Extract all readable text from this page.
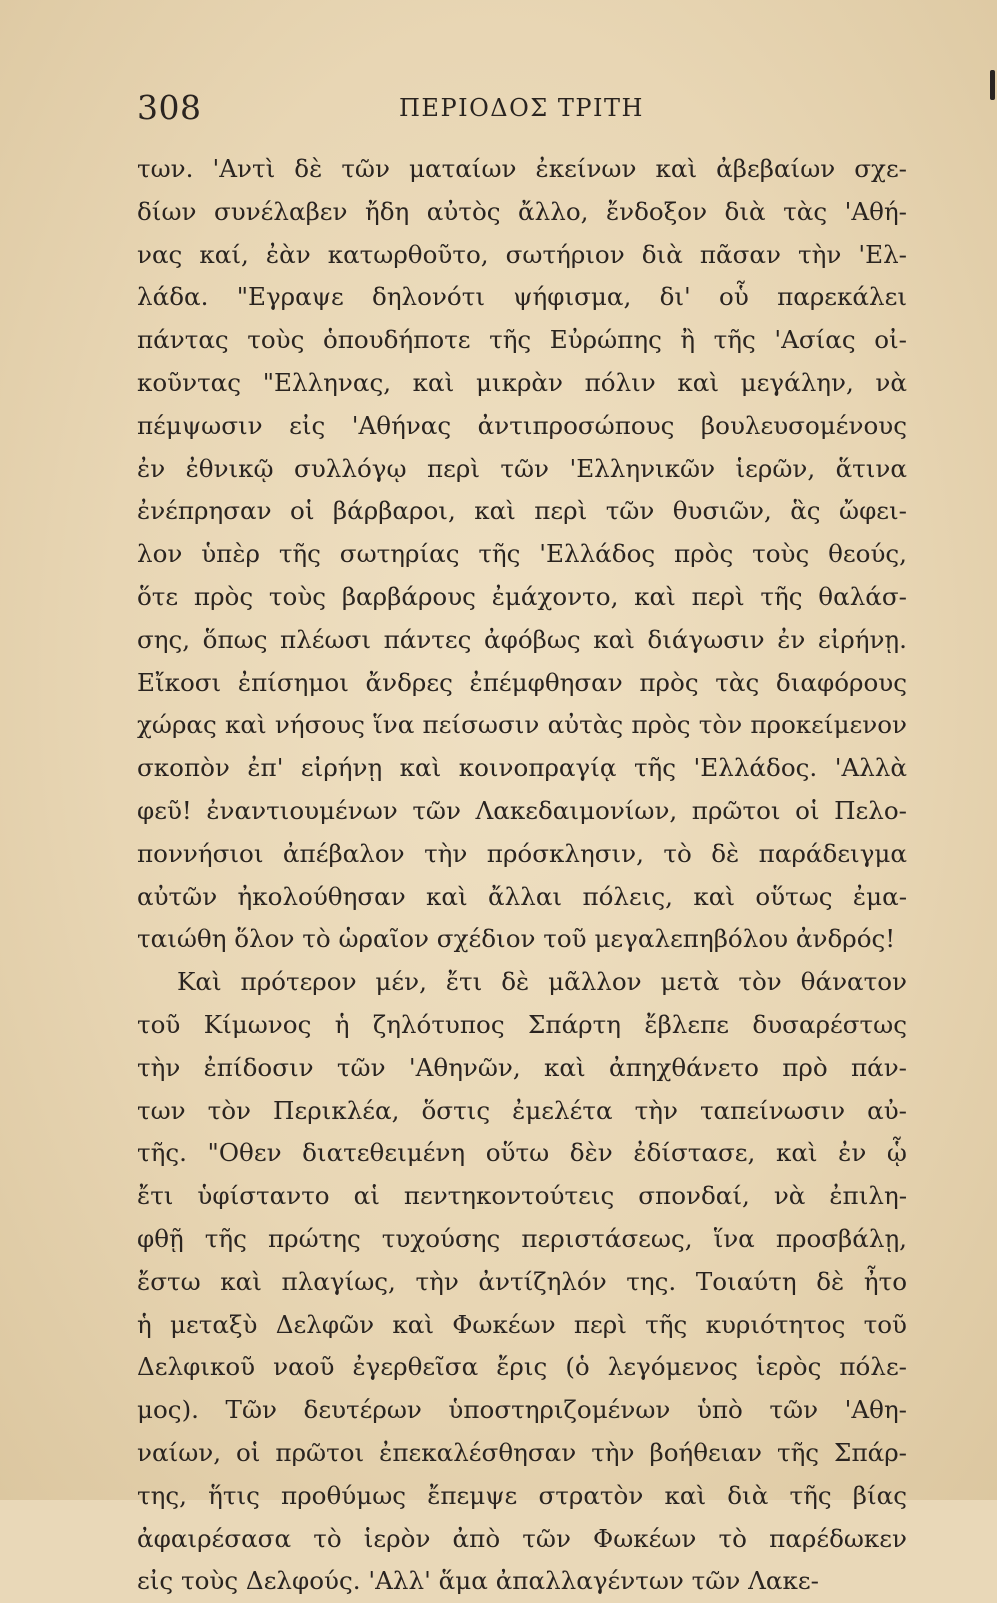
308	ΠΕΡΙΟΔΟΣ ΤΡΙΤΗ
των. 'Αντὶ δὲ τῶν ματαίων ἐκείνων καὶ ἀβεβαίων σχε-
δίων συνέλαβεν ἤδη αὐτὸς ἄλλο, ἔνδοξον διὰ τὰς 'Αθή-
νας καί, ἐὰν κατωρθοῦτο, σωτήριον διὰ πᾶσαν τὴν 'Ελ-
λάδα. "Εγραψε δηλονότι ψήφισμα, δι' οὗ παρεκάλει
πάντας τοὺς ὁπουδήποτε τῆς Εὐρώπης ἢ τῆς 'Ασίας οἰ-
κοῦντας "Ελληνας, καὶ μικρὰν πόλιν καὶ μεγάλην, νὰ
πέμψωσιν εἰς 'Αθήνας ἀντιπροσώπους βουλευσομένους
ἐν ἐθνικῷ συλλόγῳ περὶ τῶν 'Ελληνικῶν ἱερῶν, ἅτινα
ἐνέπρησαν οἱ βάρβαροι, καὶ περὶ τῶν θυσιῶν, ἃς ὤφει-
λον ὑπὲρ τῆς σωτηρίας τῆς 'Ελλάδος πρὸς τοὺς θεούς,
ὅτε πρὸς τοὺς βαρβάρους ἐμάχοντο, καὶ περὶ τῆς θαλάσ-
σης, ὅπως πλέωσι πάντες ἀφόβως καὶ διάγωσιν ἐν εἰρήνῃ.
Εἴκοσι ἐπίσημοι ἄνδρες ἐπέμφθησαν πρὸς τὰς διαφόρους
χώρας καὶ νήσους ἵνα πείσωσιν αὐτὰς πρὸς τὸν προκείμενον
σκοπὸν ἐπ' εἰρήνῃ καὶ κοινοπραγίᾳ τῆς 'Ελλάδος. 'Αλλὰ
φεῦ! ἐναντιουμένων τῶν Λακεδαιμονίων, πρῶτοι οἱ Πελο-
ποννήσιοι ἀπέβαλον τὴν πρόσκλησιν, τὸ δὲ παράδειγμα
αὐτῶν ἠκολούθησαν καὶ ἄλλαι πόλεις, καὶ οὕτως ἐμα-
ταιώθη ὅλον τὸ ὡραῖον σχέδιον τοῦ μεγαλεπηβόλου ἀνδρός!
Καὶ πρότερον μέν, ἔτι δὲ μᾶλλον μετὰ τὸν θάνατον
τοῦ Κίμωνος ἡ ζηλότυπος Σπάρτη ἔβλεπε δυσαρέστως
τὴν ἐπίδοσιν τῶν 'Αθηνῶν, καὶ ἀπηχθάνετο πρὸ πάν-
των τὸν Περικλέα, ὅστις ἐμελέτα τὴν ταπείνωσιν αὐ-
τῆς. "Οθεν διατεθειμένη οὕτω δὲν ἐδίστασε, καὶ ἐν ᾧ
ἔτι ὑφίσταντο αἱ πεντηκοντούτεις σπονδαί, νὰ ἐπιλη-
φθῇ τῆς πρώτης τυχούσης περιστάσεως, ἵνα προσβάλῃ,
ἔστω καὶ πλαγίως, τὴν ἀντίζηλόν της. Τοιαύτη δὲ ἦτο
ἡ μεταξὺ Δελφῶν καὶ Φωκέων περὶ τῆς κυριότητος τοῦ
Δελφικοῦ ναοῦ ἐγερθεῖσα ἔρις (ὁ λεγόμενος ἱερὸς πόλε-
μος). Τῶν δευτέρων ὑποστηριζομένων ὑπὸ τῶν 'Αθη-
ναίων, οἱ πρῶτοι ἐπεκαλέσθησαν τὴν βοήθειαν τῆς Σπάρ-
της, ἥτις προθύμως ἔπεμψε στρατὸν καὶ διὰ τῆς βίας
ἀφαιρέσασα τὸ ἱερὸν ἀπὸ τῶν Φωκέων τὸ παρέδωκεν
εἰς τοὺς Δελφούς. 'Αλλ' ἅμα ἀπαλλαγέντων τῶν Λακε-
